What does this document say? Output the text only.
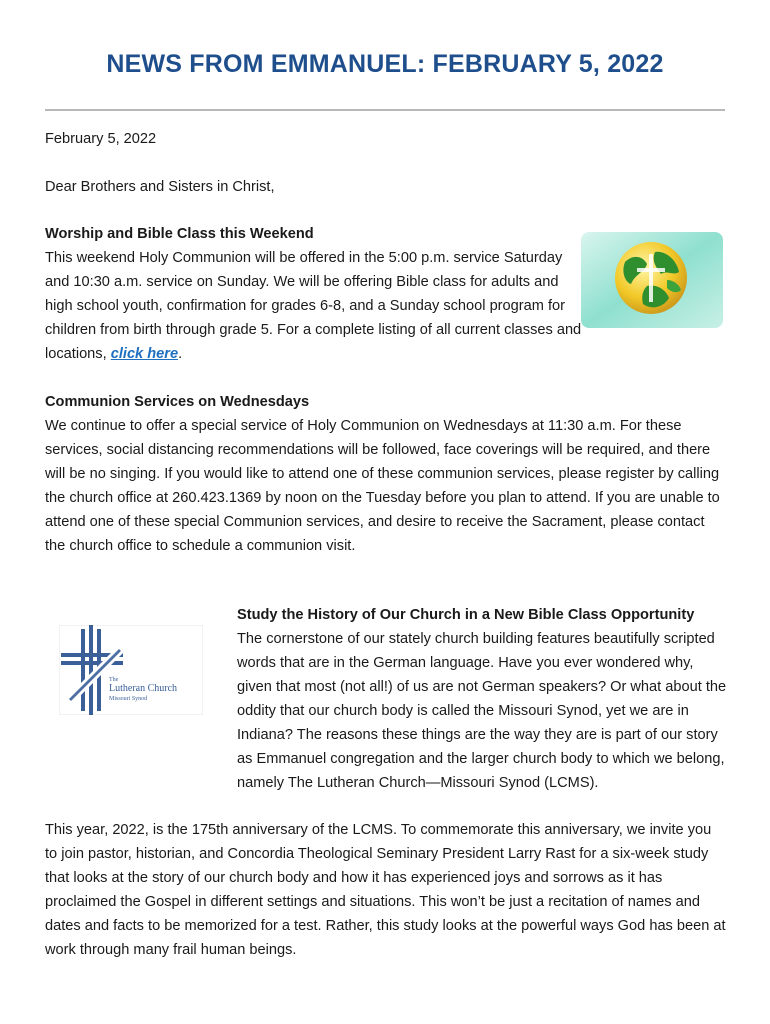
NEWS FROM EMMANUEL: FEBRUARY 5, 2022

February 5, 2022

Dear Brothers and Sisters in Christ,

Worship and Bible Class this Weekend
This weekend Holy Communion will be offered in the 5:00 p.m. service Saturday and 10:30 a.m. service on Sunday. We will be offering Bible class for adults and high school youth, confirmation for grades 6-8, and a Sunday school program for children from birth through grade 5. For a complete listing of all current classes and locations, click here.

Communion Services on Wednesdays
We continue to offer a special service of Holy Communion on Wednesdays at 11:30 a.m. For these services, social distancing recommendations will be followed, face coverings will be required, and there will be no singing. If you would like to attend one of these communion services, please register by calling the church office at 260.423.1369 by noon on the Tuesday before you plan to attend. If you are unable to attend one of these special Communion services, and desire to receive the Sacrament, please contact the church office to schedule a communion visit.

The
Lutheran Church
Missouri Synod
Study the History of Our Church in a New Bible Class Opportunity
The cornerstone of our stately church building features beautifully scripted words that are in the German language. Have you ever wondered why, given that most (not all!) of us are not German speakers? Or what about the oddity that our church body is called the Missouri Synod, yet we are in Indiana? The reasons these things are the way they are is part of our story as Emmanuel congregation and the larger church body to which we belong, namely The Lutheran Church—Missouri Synod (LCMS).

This year, 2022, is the 175th anniversary of the LCMS. To commemorate this anniversary, we invite you to join pastor, historian, and Concordia Theological Seminary President Larry Rast for a six-week study that looks at the story of our church body and how it has experienced joys and sorrows as it has proclaimed the Gospel in different settings and situations. This won’t be just a recitation of names and dates and facts to be memorized for a test. Rather, this study looks at the powerful ways God has been at work through many frail human beings.
